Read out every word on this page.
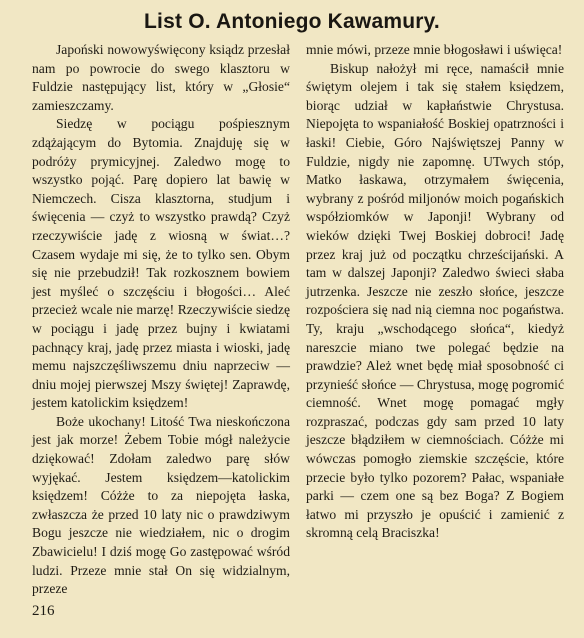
List O. Antoniego Kawamury.

Japoński nowowyświęcony ksiądz przesłał nam po powrocie do swego klasztoru w Fuldzie następujący list, który w „Głosie“ zamieszczamy.

Siedzę w pociągu pośpiesznym zdążającym do Bytomia. Znajduję się w podróży prymicyjnej. Zaledwo mogę to wszystko pojąć. Parę dopiero lat bawię w Niemczech. Cisza klasztorna, studjum i święcenia — czyż to wszystko prawdą? Czyż rzeczywiście jadę z wiosną w świat…? Czasem wydaje mi się, że to tylko sen. Obym się nie przebudził! Tak rozkosznem bowiem jest myśleć o szczęściu i błogości… Aleć przecież wcale nie marzę! Rzeczywiście siedzę w pociągu i jadę przez bujny i kwiatami pachnący kraj, jadę przez miasta i wioski, jadę memu najszczęśliwszemu dniu naprzeciw — dniu mojej pierwszej Mszy świętej! Zaprawdę, jestem katolickim księdzem!

Boże ukochany! Litość Twa nieskończona jest jak morze! Żebem Tobie mógł należycie dziękować! Zdołam zaledwo parę słów wyjękać. Jestem księdzem—katolickim księdzem! Cóżże to za niepojęta łaska, zwłaszcza że przed 10 laty nic o prawdziwym Bogu jeszcze nie wiedziałem, nic o drogim Zbawicielu! I dziś mogę Go zastępować wśród ludzi. Przeze mnie stał On się widzialnym, przeze

mnie mówi, przeze mnie błogosławi i uświęca!

Biskup nałożył mi ręce, namaścił mnie świętym olejem i tak się stałem księdzem, biorąc udział w kapłaństwie Chrystusa. Niepojęta to wspaniałość Boskiej opatrzności i łaski! Ciebie, Góro Najświętszej Panny w Fuldzie, nigdy nie zapomnę. UTwych stóp, Matko łaskawa, otrzymałem święcenia, wybrany z pośród miljonów moich pogańskich współziomków w Japonji! Wybrany od wieków dzięki Twej Boskiej dobroci! Jadę przez kraj już od początku chrześcijański. A tam w dalszej Japonji? Zaledwo świeci słaba jutrzenka. Jeszcze nie zeszło słońce, jeszcze rozpościera się nad nią ciemna noc pogaństwa. Ty, kraju „wschodącego słońca“, kiedyż nareszcie miano twe polegać będzie na prawdzie? Ależ wnet będę miał sposobność ci przynieść słońce — Chrystusa, mogę pogromić ciemność. Wnet mogę pomagać mgły rozpraszać, podczas gdy sam przed 10 laty jeszcze błądziłem w ciemnościach. Cóżże mi wówczas pomogło ziemskie szczęście, które przecie było tylko pozorem? Pałac, wspaniałe parki — czem one są bez Boga? Z Bogiem łatwo mi przyszło je opuścić i zamienić z skromną celą Braciszka!

216
